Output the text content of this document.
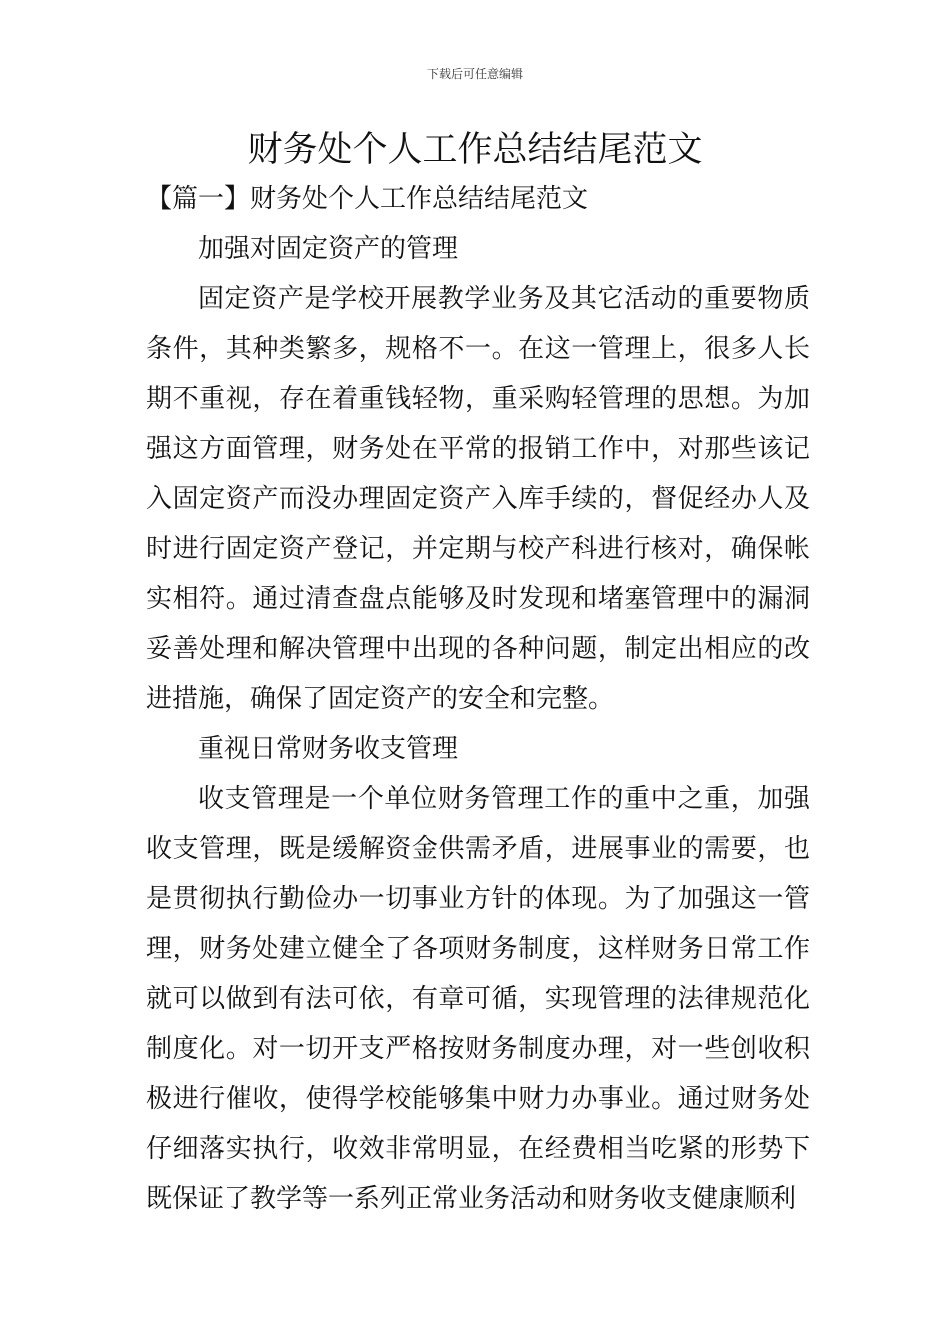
下载后可任意编辑
财务处个人工作总结结尾范文

【篇一】财务处个人工作总结结尾范文

加强对固定资产的管理

固定资产是学校开展教学业务及其它活动的重要物质条件，其种类繁多，规格不一。在这一管理上，很多人长期不重视，存在着重钱轻物，重采购轻管理的思想。为加强这方面管理，财务处在平常的报销工作中，对那些该记入固定资产而没办理固定资产入库手续的，督促经办人及时进行固定资产登记，并定期与校产科进行核对，确保帐实相符。通过清查盘点能够及时发现和堵塞管理中的漏洞妥善处理和解决管理中出现的各种问题，制定出相应的改进措施，确保了固定资产的安全和完整。

重视日常财务收支管理

收支管理是一个单位财务管理工作的重中之重，加强收支管理，既是缓解资金供需矛盾，进展事业的需要，也是贯彻执行勤俭办一切事业方针的体现。为了加强这一管理，财务处建立健全了各项财务制度，这样财务日常工作就可以做到有法可依，有章可循，实现管理的法律规范化制度化。对一切开支严格按财务制度办理，对一些创收积极进行催收，使得学校能够集中财力办事业。通过财务处仔细落实执行，收效非常明显，在经费相当吃紧的形势下既保证了教学等一系列正常业务活动和财务收支健康顺利
